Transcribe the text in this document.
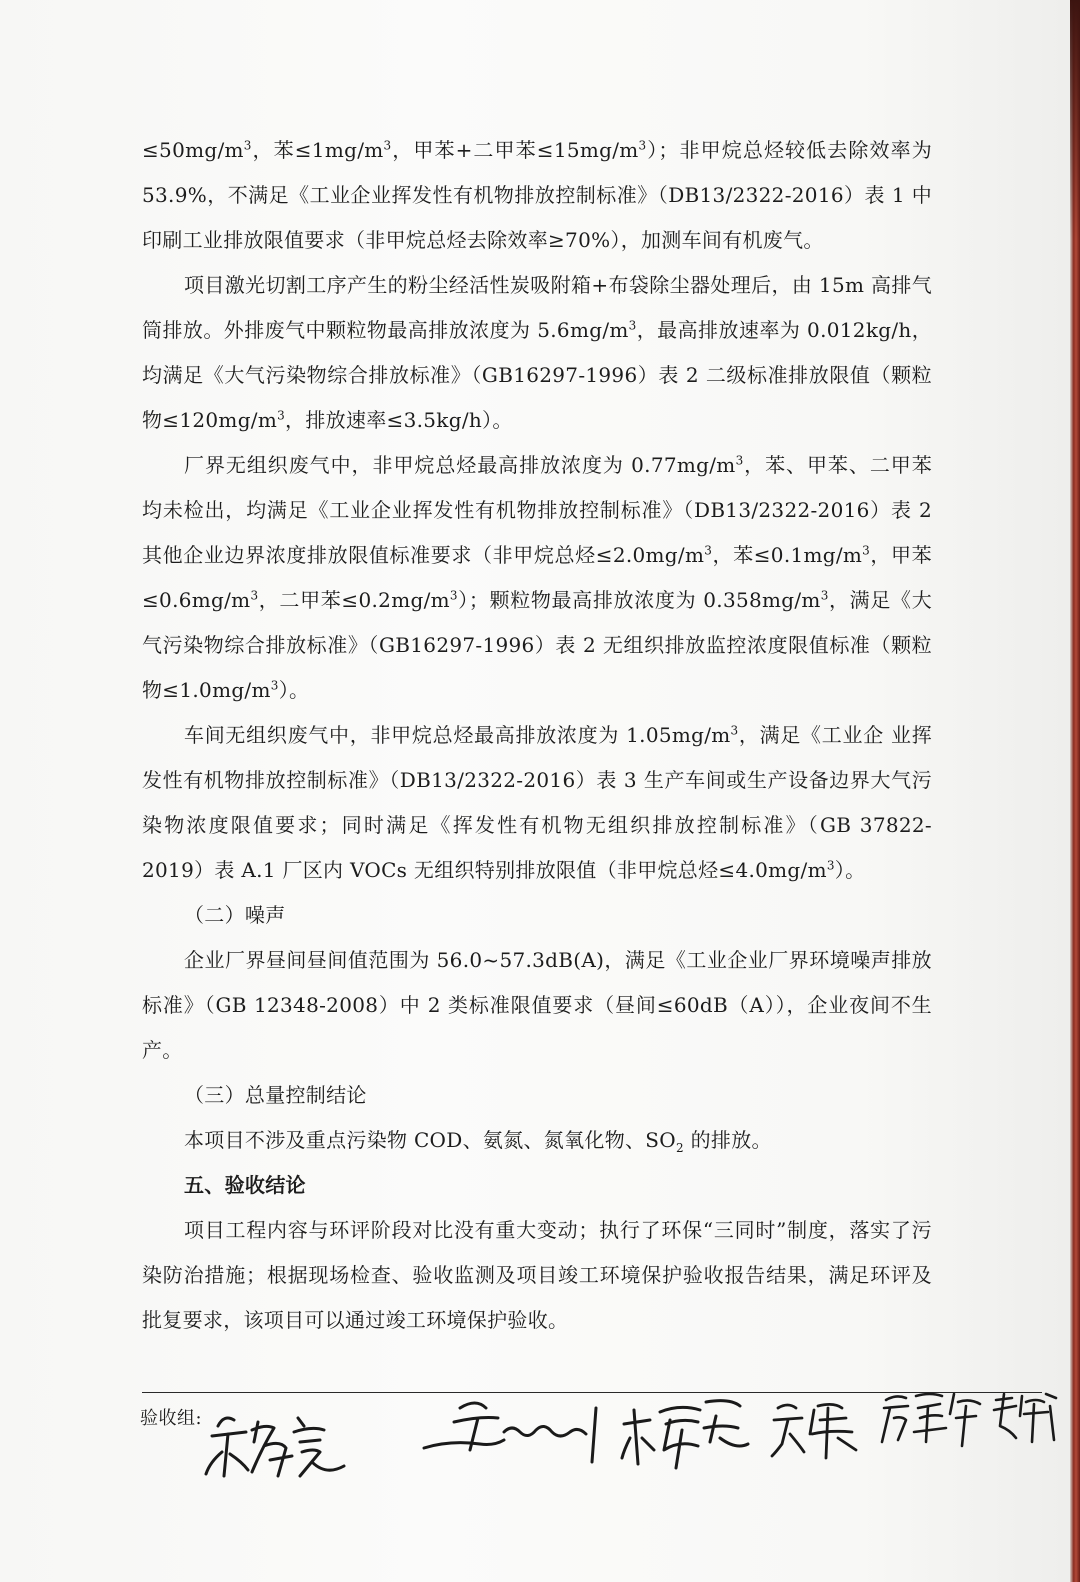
$\le 50mg/m^3$，苯$\le 1mg/m^3$，甲苯+二甲苯$\le 15mg/m^3$）；非甲烷总烃较低去除效率为53.9%，不满足《工业企业挥发性有机物排放控制标准》（DB13/2322-2016）表 1 中印刷工业排放限值要求（非甲烷总烃去除效率≥70%），加测车间有机废气。

项目激光切割工序产生的粉尘经活性炭吸附箱+布袋除尘器处理后，由 15m 高排气筒排放。外排废气中颗粒物最高排放浓度为 $5.6mg/m^3$，最高排放速率为 0.012kg/h，均满足《大气污染物综合排放标准》（GB16297-1996）表 2 二级标准排放限值（颗粒物$\le 120mg/m^3$，排放速率≤3.5kg/h）。

厂界无组织废气中，非甲烷总烃最高排放浓度为 $0.77mg/m^3$，苯、甲苯、二甲苯均未检出，均满足《工业企业挥发性有机物排放控制标准》（DB13/2322-2016）表 2 其他企业边界浓度排放限值标准要求（非甲烷总烃$\le 2.0mg/m^3$，苯$\le 0.1mg/m^3$，甲苯$\le 0.6mg/m^3$，二甲苯$\le 0.2mg/m^3$）；颗粒物最高排放浓度为 $0.358mg/m^3$，满足《大气污染物综合排放标准》（GB16297-1996）表 2 无组织排放监控浓度限值标准（颗粒物$\le 1.0mg/m^3$）。

车间无组织废气中，非甲烷总烃最高排放浓度为 $1.05mg/m^3$，满足《工业企 业挥发性有机物排放控制标准》（DB13/2322-2016）表 3 生产车间或生产设备边界大气污染物浓度限值要求；同时满足《挥发性有机物无组织排放控制标准》（GB 37822-2019）表 A.1 厂区内 VOCs 无组织特别排放限值（非甲烷总烃$\le 4.0mg/m^3$）。

（二）噪声

企业厂界昼间昼间值范围为 56.0~57.3dB(A)，满足《工业企业厂界环境噪声排放标准》（GB 12348-2008）中 2 类标准限值要求（昼间≤60dB（A）），企业夜间不生产。

（三）总量控制结论

本项目不涉及重点污染物 COD、氨氮、氮氧化物、$SO_2$ 的排放。

五、验收结论

项目工程内容与环评阶段对比没有重大变动；执行了环保“三同时”制度，落实了污染防治措施；根据现场检查、验收监测及项目竣工环境保护验收报告结果，满足环评及批复要求，该项目可以通过竣工环境保护验收。

验收组:
